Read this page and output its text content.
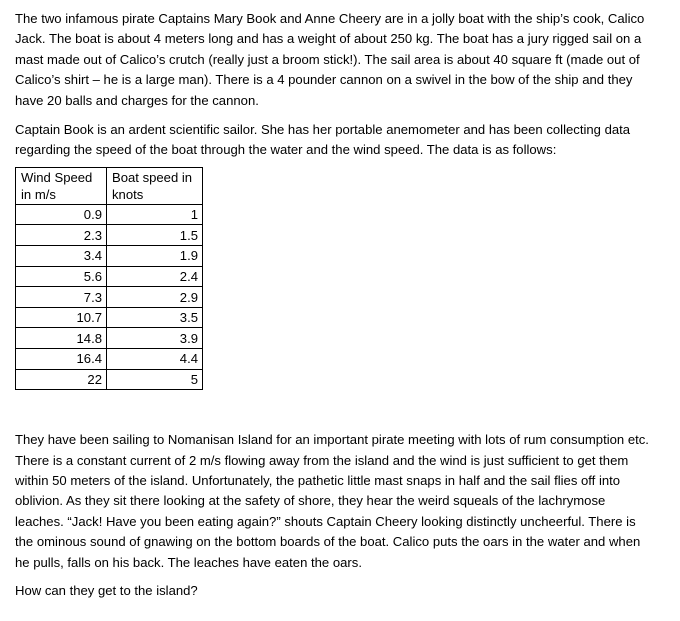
The two infamous pirate Captains Mary Book and Anne Cheery are in a jolly boat with the ship’s cook, Calico Jack. The boat is about 4 meters long and has a weight of about 250 kg. The boat has a jury rigged sail on a mast made out of Calico’s crutch (really just a broom stick!). The sail area is about 40 square ft (made out of Calico’s shirt – he is a large man). There is a 4 pounder cannon on a swivel in the bow of the ship and they have 20 balls and charges for the cannon.

Captain Book is an ardent scientific sailor. She has her portable anemometer and has been collecting data regarding the speed of the boat through the water and the wind speed. The data is as follows:

Wind Speed in m/s	Boat speed in knots
0.9	1
2.3	1.5
3.4	1.9
5.6	2.4
7.3	2.9
10.7	3.5
14.8	3.9
16.4	4.4
22	5

They have been sailing to Nomanisan Island for an important pirate meeting with lots of rum consumption etc. There is a constant current of 2 m/s flowing away from the island and the wind is just sufficient to get them within 50 meters of the island. Unfortunately, the pathetic little mast snaps in half and the sail flies off into oblivion. As they sit there looking at the safety of shore, they hear the weird squeals of the lachrymose leaches. “Jack! Have you been eating again?” shouts Captain Cheery looking distinctly uncheerful. There is the ominous sound of gnawing on the bottom boards of the boat. Calico puts the oars in the water and when he pulls, falls on his back. The leaches have eaten the oars.

How can they get to the island?
